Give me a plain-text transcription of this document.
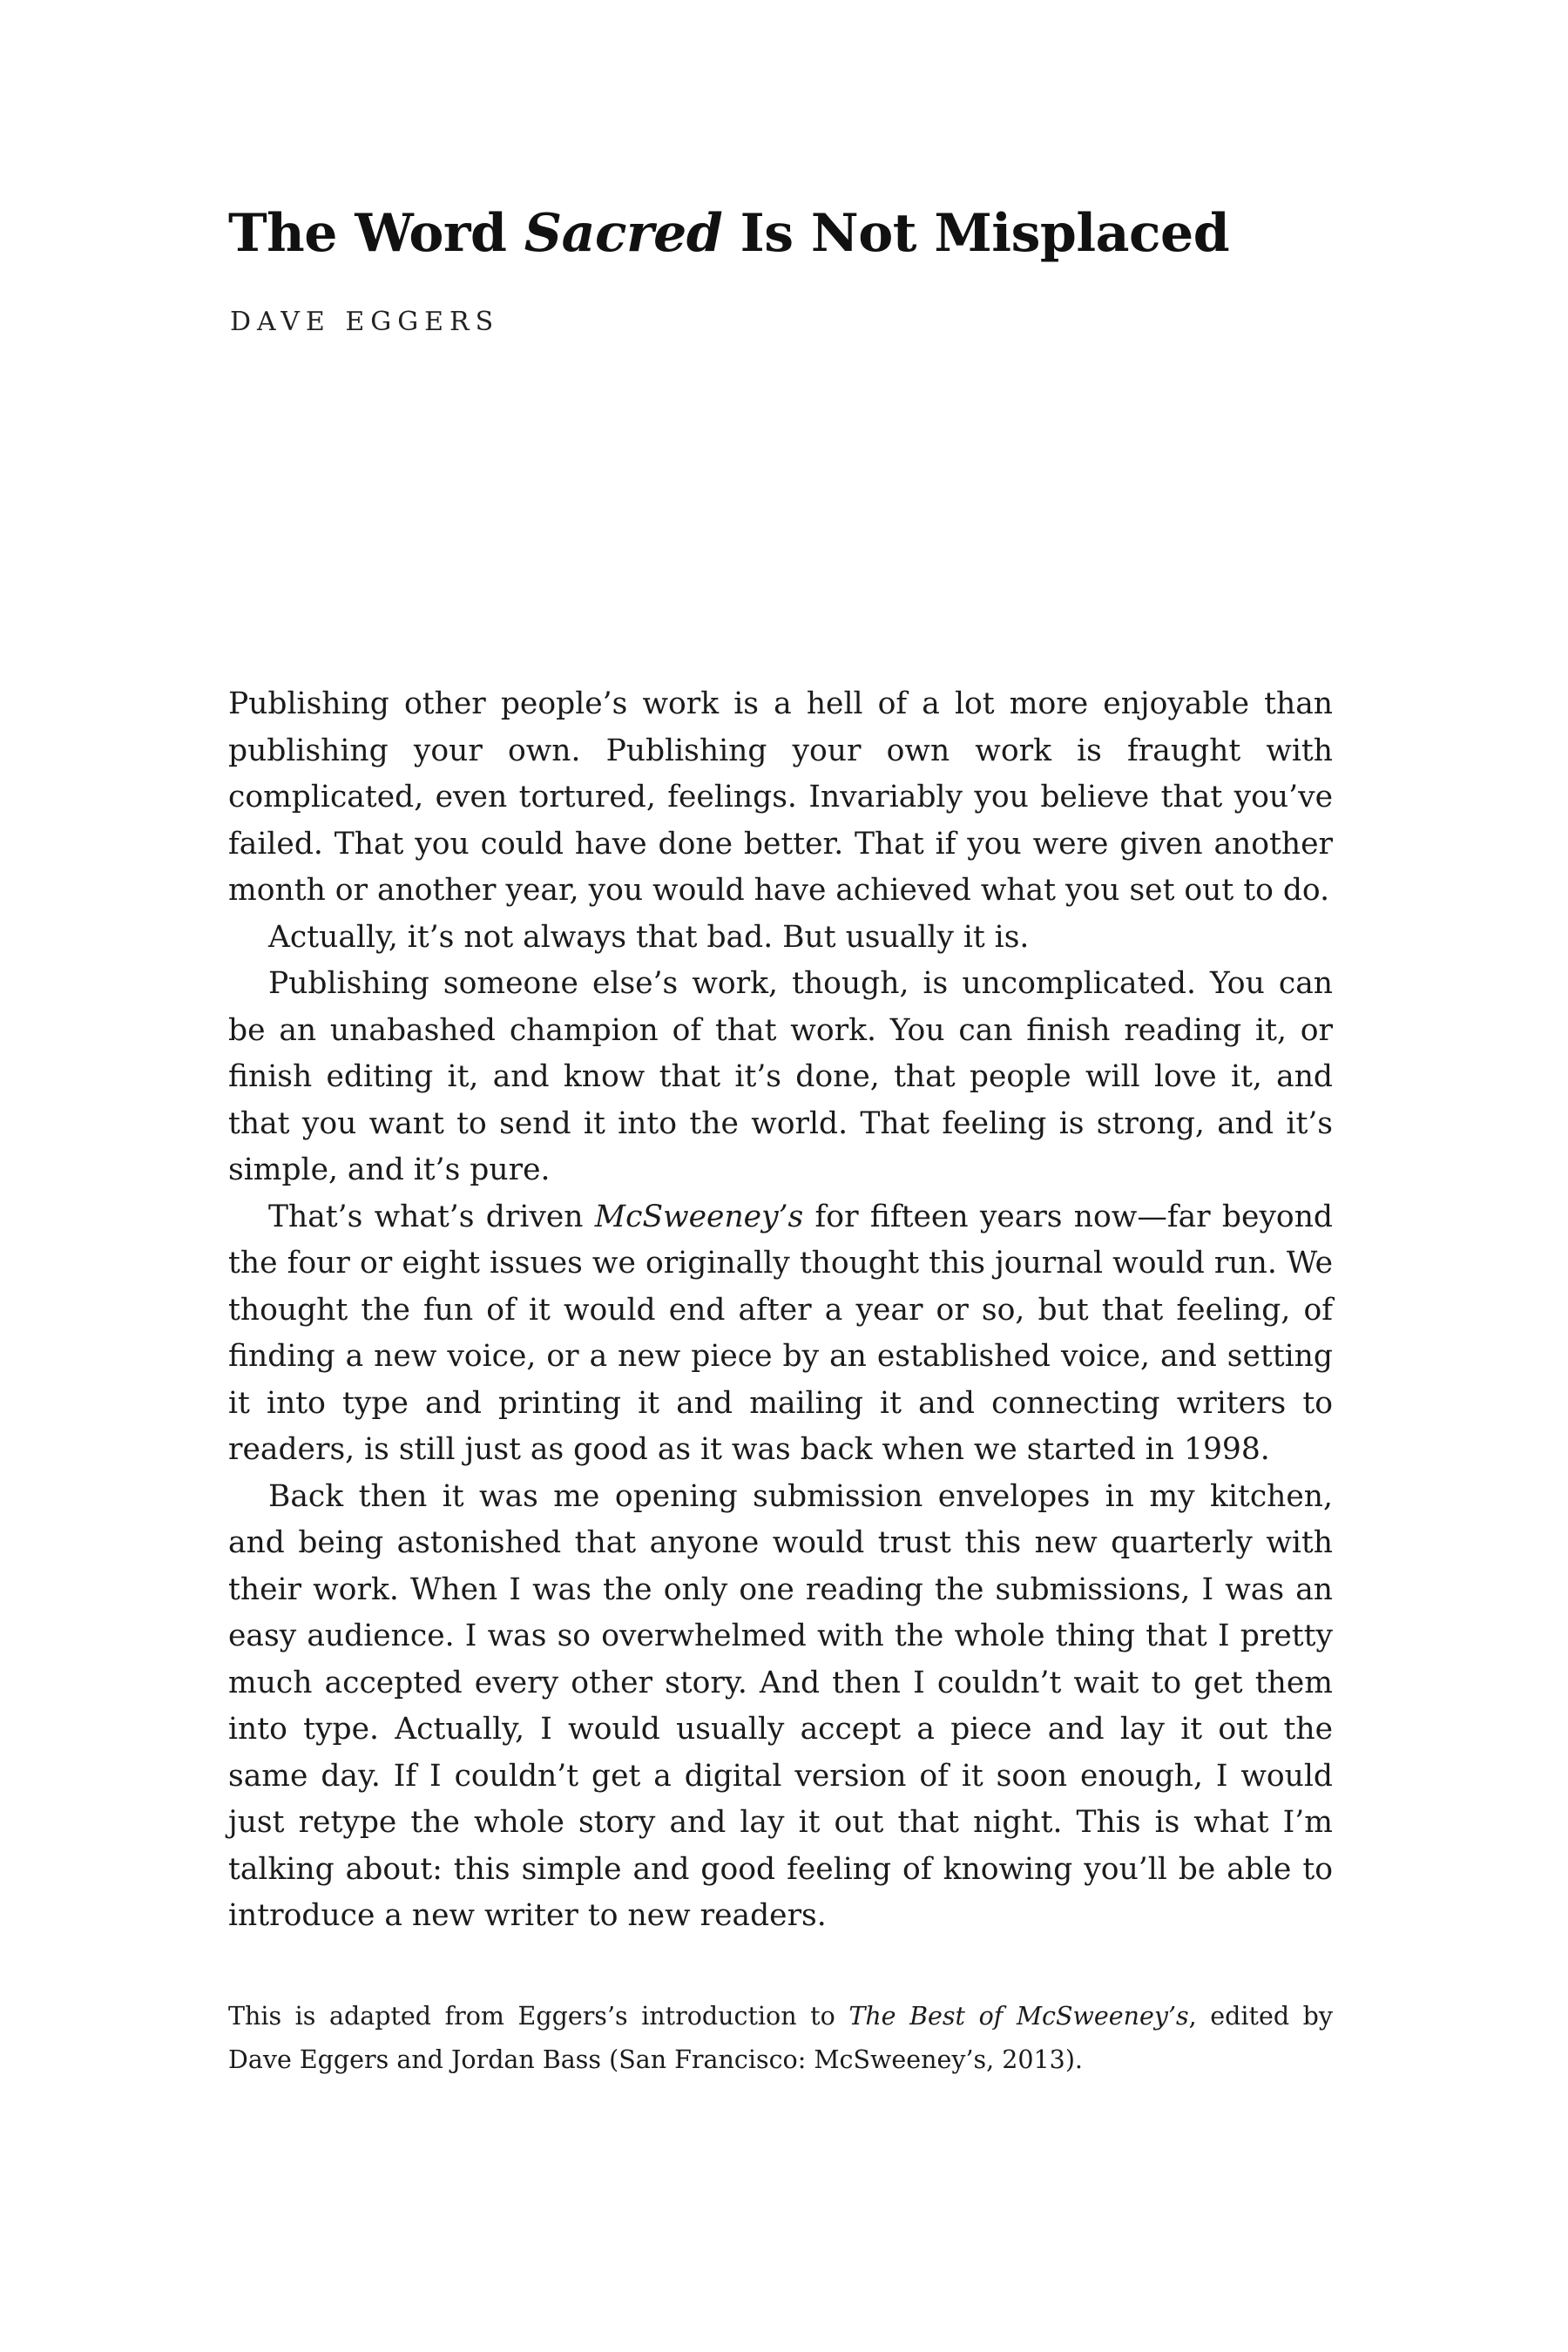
The Word Sacred Is Not Misplaced

DAVE EGGERS

Publishing other people’s work is a hell of a lot more enjoyable than publishing your own. Publishing your own work is fraught with complicated, even tortured, feelings. Invariably you believe that you’ve failed. That you could have done better. That if you were given another month or another year, you would have achieved what you set out to do.

Actually, it’s not always that bad. But usually it is.

Publishing someone else’s work, though, is uncomplicated. You can be an unabashed champion of that work. You can finish reading it, or finish editing it, and know that it’s done, that people will love it, and that you want to send it into the world. That feeling is strong, and it’s simple, and it’s pure.

That’s what’s driven McSweeney’s for fifteen years now—far beyond the four or eight issues we originally thought this journal would run. We thought the fun of it would end after a year or so, but that feeling, of finding a new voice, or a new piece by an established voice, and setting it into type and printing it and mailing it and connecting writers to readers, is still just as good as it was back when we started in 1998.

Back then it was me opening submission envelopes in my kitchen, and being astonished that anyone would trust this new quarterly with their work. When I was the only one reading the submissions, I was an easy audience. I was so overwhelmed with the whole thing that I pretty much accepted every other story. And then I couldn’t wait to get them into type. Actually, I would usually accept a piece and lay it out the same day. If I couldn’t get a digital version of it soon enough, I would just retype the whole story and lay it out that night. This is what I’m talking about: this simple and good feeling of knowing you’ll be able to introduce a new writer to new readers.

This is adapted from Eggers’s introduction to The Best of McSweeney’s, edited by Dave Eggers and Jordan Bass (San Francisco: McSweeney’s, 2013).
